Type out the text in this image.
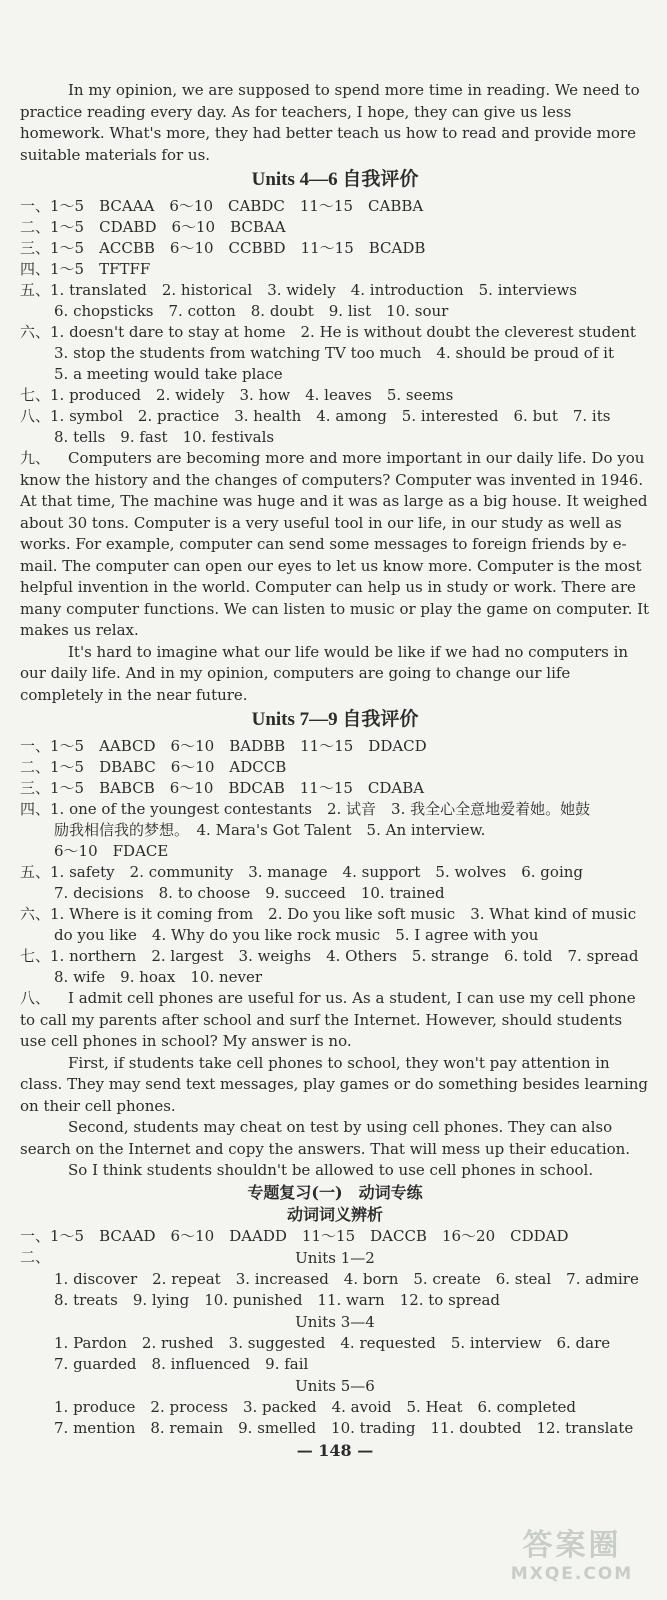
In my opinion, we are supposed to spend more time in reading. We need to practice reading every day. As for teachers, I hope, they can give us less homework. What's more, they had better teach us how to read and provide more suitable materials for us.

Units 4—6 自我评价

一、1～5　BCAAA　6～10　CABDC　11～15　CABBA

二、1～5　CDABD　6～10　BCBAA

三、1～5　ACCBB　6～10　CCBBD　11～15　BCADB

四、1～5　TFTFF

五、1. translated　2. historical　3. widely　4. introduction　5. interviews

6. chopsticks　7. cotton　8. doubt　9. list　10. sour

六、1. doesn't dare to stay at home　2. He is without doubt the cleverest student

3. stop the students from watching TV too much　4. should be proud of it

5. a meeting would take place

七、1. produced　2. widely　3. how　4. leaves　5. seems

八、1. symbol　2. practice　3. health　4. among　5. interested　6. but　7. its

8. tells　9. fast　10. festivals

九、 Computers are becoming more and more important in our daily life. Do you know the history and the changes of computers? Computer was invented in 1946. At that time, The machine was huge and it was as large as a big house. It weighed about 30 tons. Computer is a very useful tool in our life, in our study as well as works. For example, computer can send some messages to foreign friends by e-mail. The computer can open our eyes to let us know more. Computer is the most helpful invention in the world. Computer can help us in study or work. There are many computer functions. We can listen to music or play the game on computer. It makes us relax.

It's hard to imagine what our life would be like if we had no computers in our daily life. And in my opinion, computers are going to change our life completely in the near future.

Units 7—9 自我评价

一、1～5　AABCD　6～10　BADBB　11～15　DDACD

二、1～5　DBABC　6～10　ADCCB

三、1～5　BABCB　6～10　BDCAB　11～15　CDABA

四、1. one of the youngest contestants　2. 试音　3. 我全心全意地爱着她。她鼓

励我相信我的梦想。　4. Mara's Got Talent　5. An interview.

6～10　FDACE

五、1. safety　2. community　3. manage　4. support　5. wolves　6. going

7. decisions　8. to choose　9. succeed　10. trained

六、1. Where is it coming from　2. Do you like soft music　3. What kind of music

do you like　4. Why do you like rock music　5. I agree with you

七、1. northern　2. largest　3. weighs　4. Others　5. strange　6. told　7. spread

8. wife　9. hoax　10. never

八、 I admit cell phones are useful for us. As a student, I can use my cell phone to call my parents after school and surf the Internet. However, should students use cell phones in school? My answer is no.

First, if students take cell phones to school, they won't pay attention in class. They may send text messages, play games or do something besides learning on their cell phones.

Second, students may cheat on test by using cell phones. They can also search on the Internet and copy the answers. That will mess up their education.

So I think students shouldn't be allowed to use cell phones in school.

专题复习(一)　动词专练
动词词义辨析

一、1～5　BCAAD　6～10　DAADD　11～15　DACCB　16～20　CDDAD

二、	Units 1—2

1. discover　2. repeat　3. increased　4. born　5. create　6. steal　7. admire

8. treats　9. lying　10. punished　11. warn　12. to spread

Units 3—4

1. Pardon　2. rushed　3. suggested　4. requested　5. interview　6. dare

7. guarded　8. influenced　9. fail

Units 5—6

1. produce　2. process　3. packed　4. avoid　5. Heat　6. completed

7. mention　8. remain　9. smelled　10. trading　11. doubted　12. translate

— 148 —
答案圈
MXQE.COM
